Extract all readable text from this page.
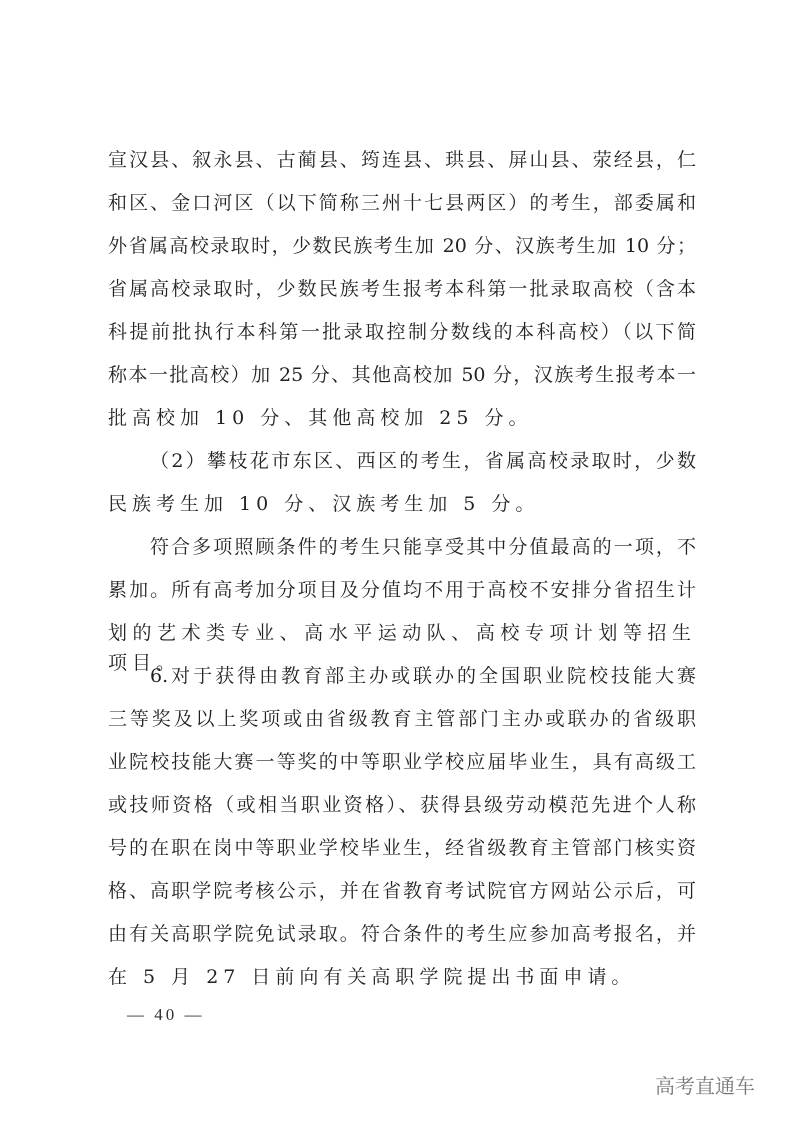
宣汉县、叙永县、古蔺县、筠连县、珙县、屏山县、荥经县，仁
和区、金口河区（以下简称三州十七县两区）的考生，部委属和
外省属高校录取时，少数民族考生加 20 分、汉族考生加 10 分；
省属高校录取时，少数民族考生报考本科第一批录取高校（含本
科提前批执行本科第一批录取控制分数线的本科高校）（以下简
称本一批高校）加 25 分、其他高校加 50 分，汉族考生报考本一
批高校加 10 分、其他高校加 25 分。
（2）攀枝花市东区、西区的考生，省属高校录取时，少数
民族考生加 10 分、汉族考生加 5 分。
符合多项照顾条件的考生只能享受其中分值最高的一项，不
累加。所有高考加分项目及分值均不用于高校不安排分省招生计
划的艺术类专业、高水平运动队、高校专项计划等招生项目。
6.对于获得由教育部主办或联办的全国职业院校技能大赛
三等奖及以上奖项或由省级教育主管部门主办或联办的省级职
业院校技能大赛一等奖的中等职业学校应届毕业生，具有高级工
或技师资格（或相当职业资格）、获得县级劳动模范先进个人称
号的在职在岗中等职业学校毕业生，经省级教育主管部门核实资
格、高职学院考核公示，并在省教育考试院官方网站公示后，可
由有关高职学院免试录取。符合条件的考生应参加高考报名，并
在 5 月 27 日前向有关高职学院提出书面申请。
— 40 —
高考直通车
